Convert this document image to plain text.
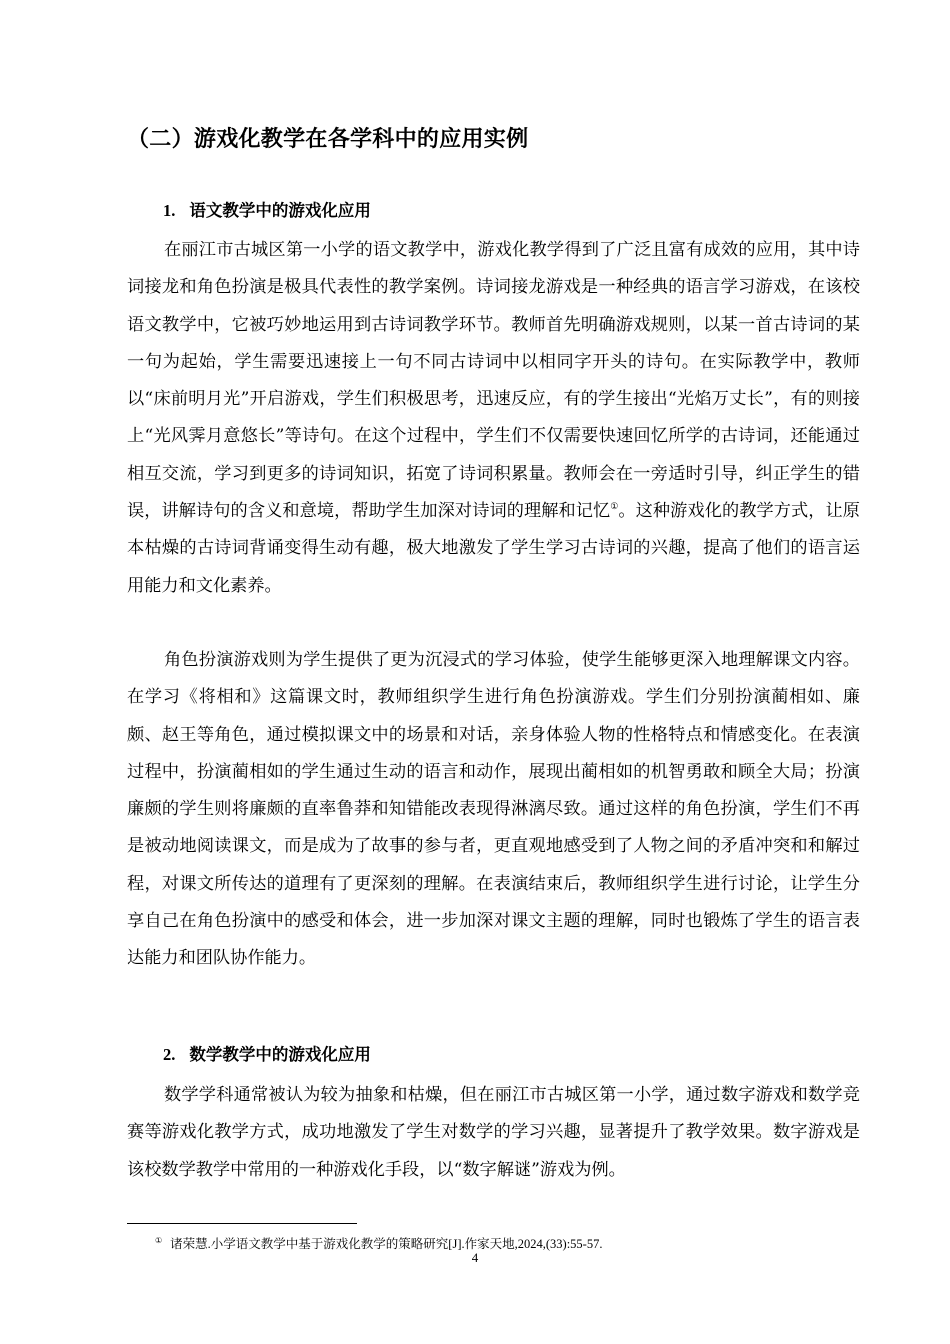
（二）游戏化教学在各学科中的应用实例
1. 语文教学中的游戏化应用

在丽江市古城区第一小学的语文教学中，游戏化教学得到了广泛且富有成效的应用，其中诗词接龙和角色扮演是极具代表性的教学案例。诗词接龙游戏是一种经典的语言学习游戏，在该校语文教学中，它被巧妙地运用到古诗词教学环节。教师首先明确游戏规则，以某一首古诗词的某一句为起始，学生需要迅速接上一句不同古诗词中以相同字开头的诗句。在实际教学中，教师以“床前明月光”开启游戏，学生们积极思考，迅速反应，有的学生接出“光焰万丈长”，有的则接上“光风霁月意悠长”等诗句。在这个过程中，学生们不仅需要快速回忆所学的古诗词，还能通过相互交流，学习到更多的诗词知识，拓宽了诗词积累量。教师会在一旁适时引导，纠正学生的错误，讲解诗句的含义和意境，帮助学生加深对诗词的理解和记忆①。这种游戏化的教学方式，让原本枯燥的古诗词背诵变得生动有趣，极大地激发了学生学习古诗词的兴趣，提高了他们的语言运用能力和文化素养。

角色扮演游戏则为学生提供了更为沉浸式的学习体验，使学生能够更深入地理解课文内容。在学习《将相和》这篇课文时，教师组织学生进行角色扮演游戏。学生们分别扮演蔺相如、廉颇、赵王等角色，通过模拟课文中的场景和对话，亲身体验人物的性格特点和情感变化。在表演过程中，扮演蔺相如的学生通过生动的语言和动作，展现出蔺相如的机智勇敢和顾全大局；扮演廉颇的学生则将廉颇的直率鲁莽和知错能改表现得淋漓尽致。通过这样的角色扮演，学生们不再是被动地阅读课文，而是成为了故事的参与者，更直观地感受到了人物之间的矛盾冲突和和解过程，对课文所传达的道理有了更深刻的理解。在表演结束后，教师组织学生进行讨论，让学生分享自己在角色扮演中的感受和体会，进一步加深对课文主题的理解，同时也锻炼了学生的语言表达能力和团队协作能力。

2. 数学教学中的游戏化应用

数学学科通常被认为较为抽象和枯燥，但在丽江市古城区第一小学，通过数字游戏和数学竞赛等游戏化教学方式，成功地激发了学生对数学的学习兴趣，显著提升了教学效果。数字游戏是该校数学教学中常用的一种游戏化手段，以“数字解谜”游戏为例。

① 诸荣慧.小学语文教学中基于游戏化教学的策略研究[J].作家天地,2024,(33):55-57.
4
